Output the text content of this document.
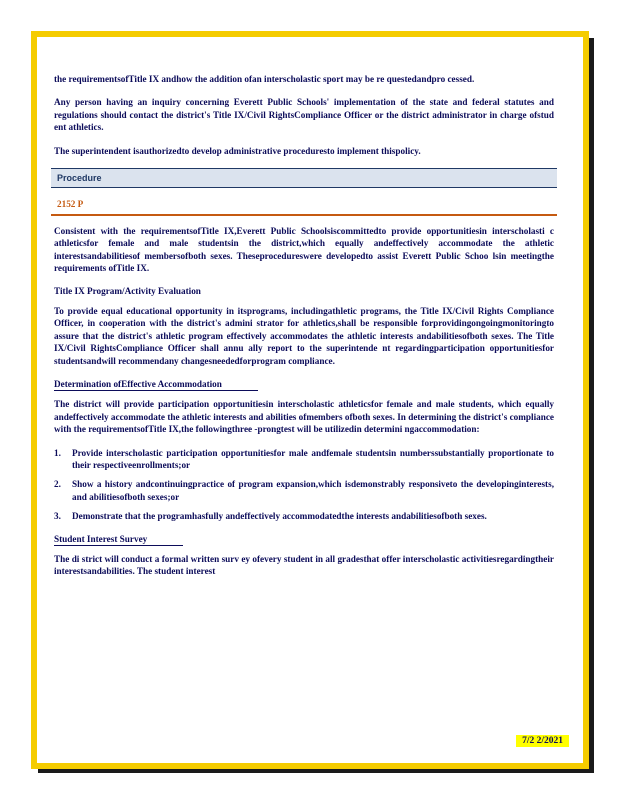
the requirementsofTitle IX andhow the addition ofan interscholastic sport may be re questedandpro cessed.

Any person having an inquiry concerning Everett Public Schools' implementation of the state and federal statutes and regulations should contact the district's Title IX/Civil RightsCompliance Officer or the district administrator in charge ofstud ent athletics.

The superintendent isauthorizedto develop administrative proceduresto implement thispolicy.

Procedure
2152 P

Consistent with the requirementsofTitle IX,Everett Public Schoolsiscommittedto provide opportunitiesin interscholasti c athleticsfor female and male studentsin the district,which equally andeffectively accommodate the athletic interestsandabilitiesof membersofboth sexes. Theseprocedureswere developedto assist Everett Public Schoo lsin meetingthe requirements ofTitle IX.

Title IX Program/Activity Evaluation

To provide equal educational opportunity in itsprograms, includingathletic programs, the Title IX/Civil Rights Compliance Officer, in cooperation with the district's admini strator for athletics,shall be responsible forprovidingongoingmonitoringto assure that the district's athletic program effectively accommodates the athletic interests andabilitiesofboth sexes. The Title IX/Civil RightsCompliance Officer shall annu ally report to the superintende nt regardingparticipation opportunitiesfor studentsandwill recommendany changesneededforprogram compliance.

Determination ofEffective Accommodation

The district will provide participation opportunitiesin interscholastic athleticsfor female and male students, which equally andeffectively accommodate the athletic interests and abilities ofmembers ofboth sexes. In determining the district's compliance with the requirementsofTitle IX,the followingthree -prongtest will be utilizedin determini ngaccommodation:

1. Provide interscholastic participation opportunitiesfor male andfemale studentsin numberssubstantially proportionate to their respectiveenrollments;or
2. Show a history andcontinuingpractice of program expansion,which isdemonstrably responsiveto the developinginterests, and abilitiesofboth sexes;or
3. Demonstrate that the programhasfully andeffectively accommodatedthe interests andabilitiesofboth sexes.
Student Interest Survey

The di strict will conduct a formal written surv ey ofevery student in all gradesthat offer interscholastic activitiesregardingtheir interestsandabilities. The student interest

7/2 2/2021
